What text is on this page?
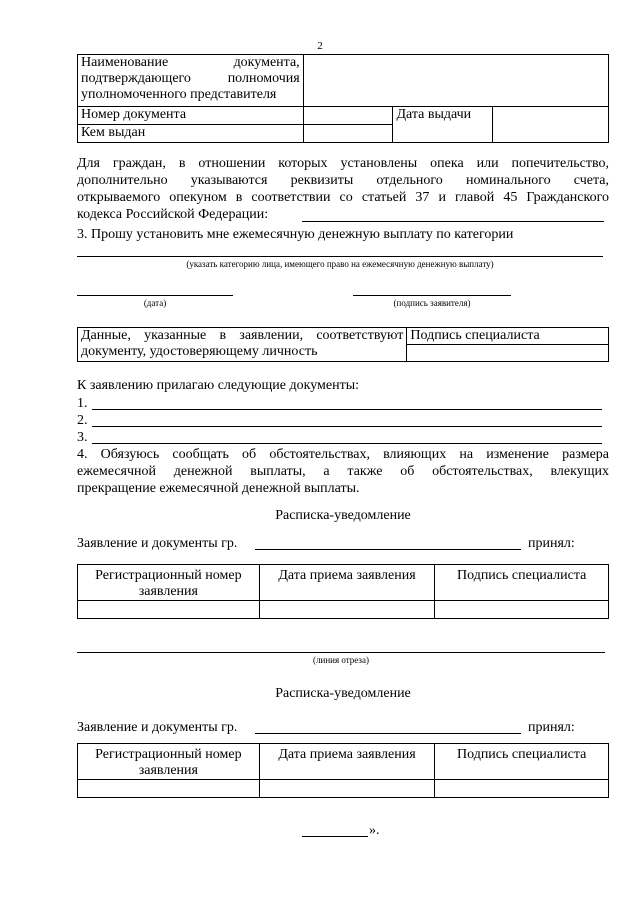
2
Наименование документа,
подтверждающего полномочия
уполномоченного представителя			

Номер документа		Дата выдачи	
Кем выдан			
Для граждан, в отношении которых установлены опека или попечительство,
дополнительно указываются реквизиты отдельного номинального счета,
открываемого опекуном в соответствии со статьей 37 и главой 45 Гражданского
кодекса Российской Федерации:
3. Прошу установить мне ежемесячную денежную выплату по категории
(указать категорию лица, имеющего право на ежемесячную денежную выплату)
(дата)	(подпись заявителя)
Данные, указанные в заявлении, соответствуют
документу, удостоверяющему личность
	Подпись специалиста

К заявлению прилагаю следующие документы:
1.
2.
3.
4. Обязуюсь сообщать об обстоятельствах, влияющих на изменение размера
ежемесячной денежной выплаты, а также об обстоятельствах, влекущих
прекращение ежемесячной денежной выплаты.
Расписка-уведомление
Заявление и документы гр.	принял:
Регистрационный номер
заявления	Дата приема заявления	Подпись специалиста

(линия отреза)
Расписка-уведомление
Заявление и документы гр.	принял:
Регистрационный номер
заявления	Дата приема заявления	Подпись специалиста

».
